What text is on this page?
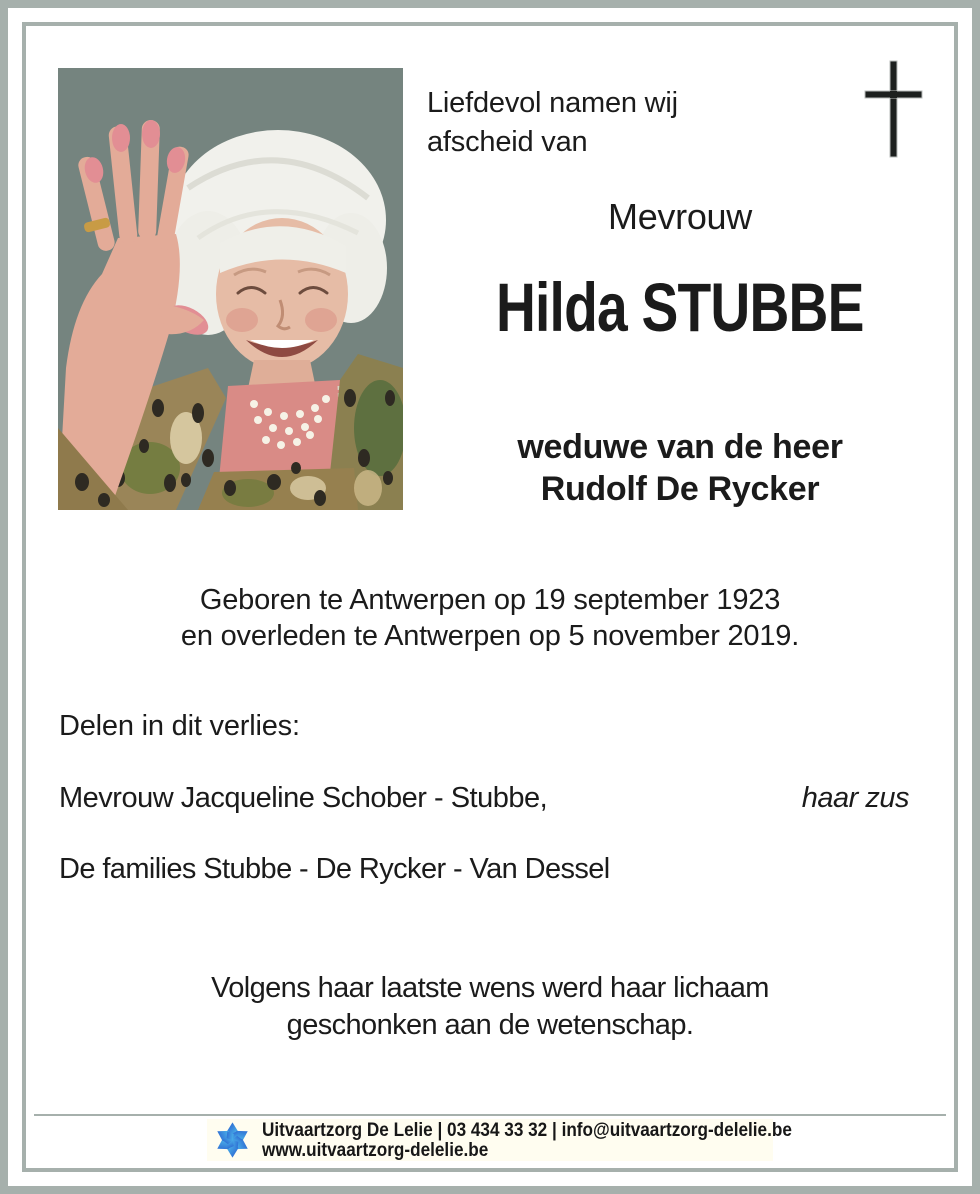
Liefdevol namen wij
afscheid van
Mevrouw
Hilda STUBBE
weduwe van de heer
Rudolf De Rycker
Geboren te Antwerpen op 19 september 1923
en overleden te Antwerpen op 5 november 2019.
Delen in dit verlies:
Mevrouw Jacqueline Schober - Stubbe,	haar zus
De families Stubbe - De Rycker - Van Dessel
Volgens haar laatste wens werd haar lichaam
geschonken aan de wetenschap.
Uitvaartzorg De Lelie | 03 434 33 32 | info@uitvaartzorg-delelie.be
www.uitvaartzorg-delelie.be
